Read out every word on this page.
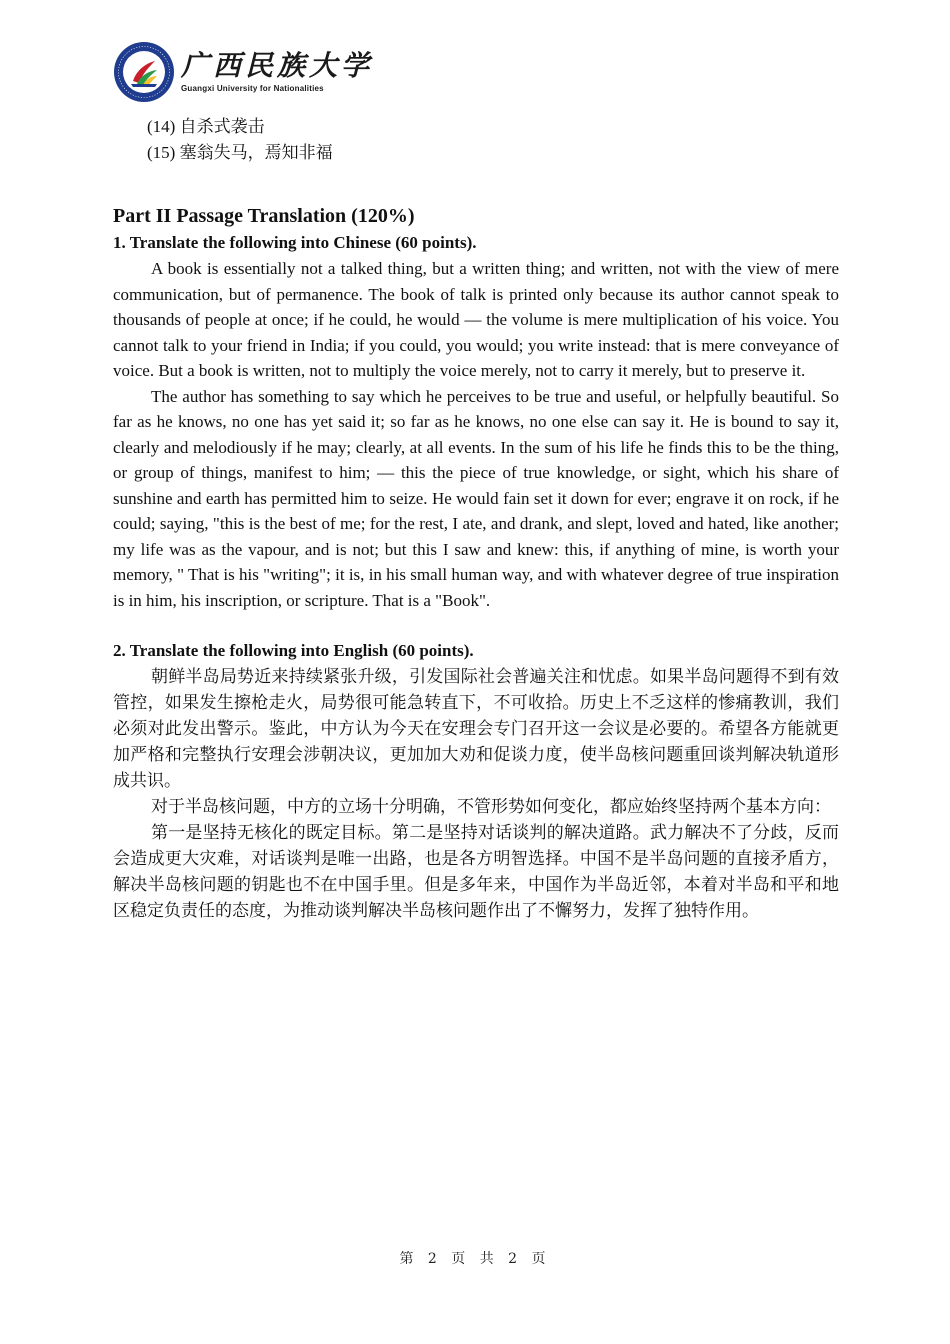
广西民族大学
Guangxi University for Nationalities
(14) 自杀式袭击
(15) 塞翁失马，焉知非福
Part II Passage Translation (120%)
1. Translate the following into Chinese (60 points).

A book is essentially not a talked thing, but a written thing; and written, not with the view of mere communication, but of permanence. The book of talk is printed only because its author cannot speak to thousands of people at once; if he could, he would — the volume is mere multiplication of his voice. You cannot talk to your friend in India; if you could, you would; you write instead: that is mere conveyance of voice. But a book is written, not to multiply the voice merely, not to carry it merely, but to preserve it.

The author has something to say which he perceives to be true and useful, or helpfully beautiful. So far as he knows, no one has yet said it; so far as he knows, no one else can say it. He is bound to say it, clearly and melodiously if he may; clearly, at all events. In the sum of his life he finds this to be the thing, or group of things, manifest to him; — this the piece of true knowledge, or sight, which his share of sunshine and earth has permitted him to seize. He would fain set it down for ever; engrave it on rock, if he could; saying, "this is the best of me; for the rest, I ate, and drank, and slept, loved and hated, like another; my life was as the vapour, and is not; but this I saw and knew: this, if anything of mine, is worth your memory, " That is his "writing"; it is, in his small human way, and with whatever degree of true inspiration is in him, his inscription, or scripture. That is a "Book".

2. Translate the following into English (60 points).

朝鲜半岛局势近来持续紧张升级，引发国际社会普遍关注和忧虑。如果半岛问题得不到有效管控，如果发生擦枪走火，局势很可能急转直下，不可收拾。历史上不乏这样的惨痛教训，我们必须对此发出警示。鉴此，中方认为今天在安理会专门召开这一会议是必要的。希望各方能就更加严格和完整执行安理会涉朝决议，更加加大劝和促谈力度，使半岛核问题重回谈判解决轨道形成共识。

对于半岛核问题，中方的立场十分明确，不管形势如何变化，都应始终坚持两个基本方向：

第一是坚持无核化的既定目标。第二是坚持对话谈判的解决道路。武力解决不了分歧，反而会造成更大灾难，对话谈判是唯一出路，也是各方明智选择。中国不是半岛问题的直接矛盾方，解决半岛核问题的钥匙也不在中国手里。但是多年来，中国作为半岛近邻，本着对半岛和平和地区稳定负责任的态度，为推动谈判解决半岛核问题作出了不懈努力，发挥了独特作用。

第 2 页 共 2 页
